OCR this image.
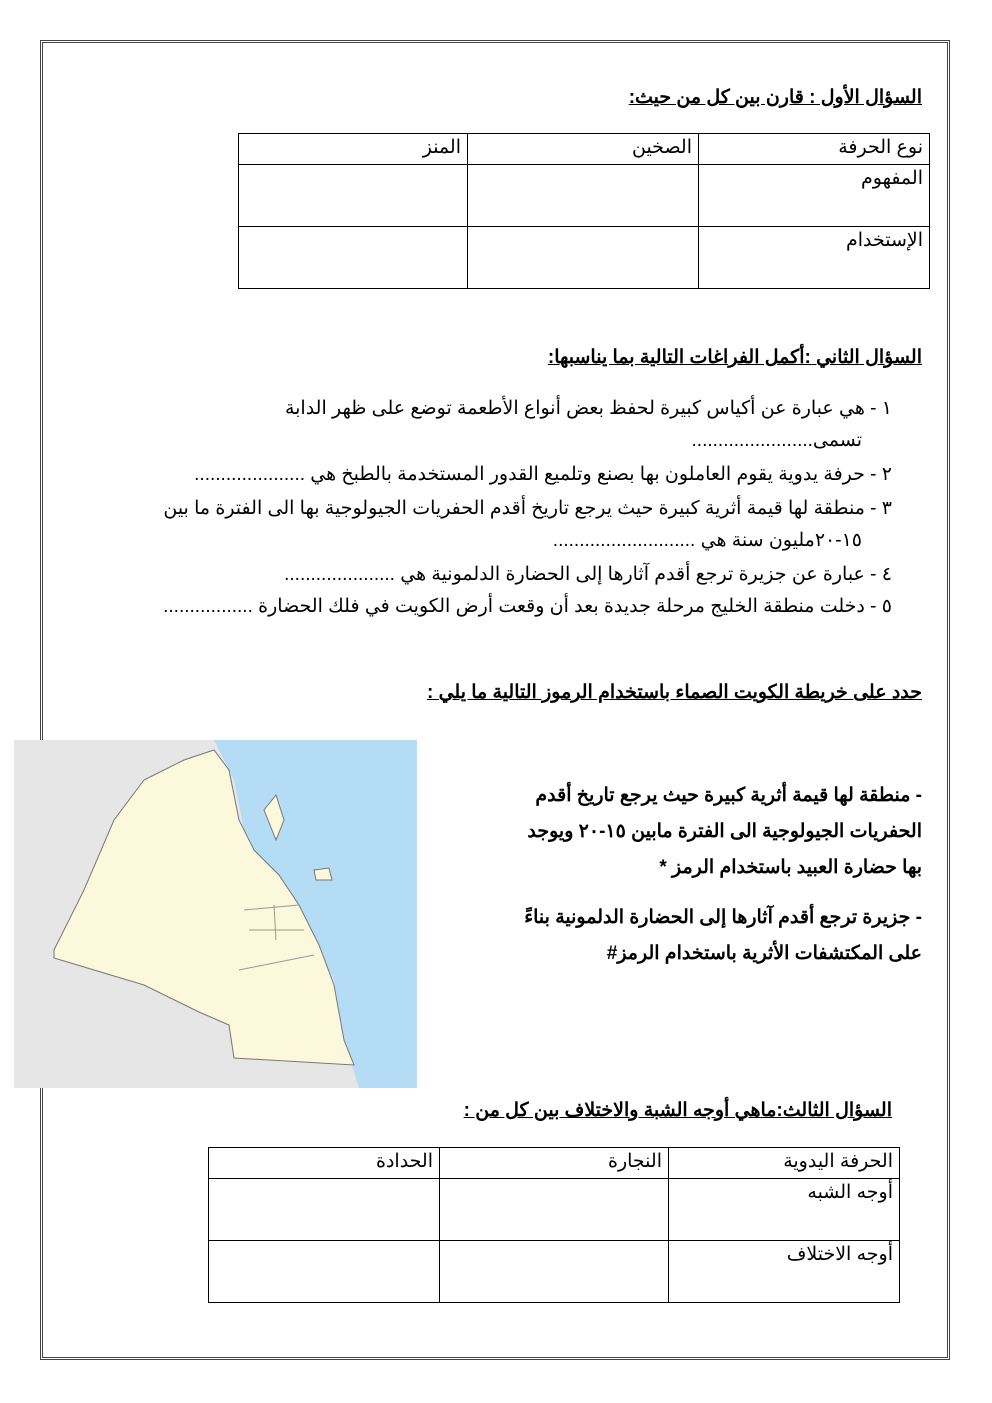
السؤال الأول : قارن بين كل من حيث:
نوع الحرفة	الصخين	المنز
المفهوم		
الإستخدام		
السؤال الثاني :أكمل الفراغات التالية بما يناسبها:
١ - هي عبارة عن أكياس كبيرة لحفظ بعض أنواع الأطعمة توضع على ظهر الدابة
تسمى.......................
٢ - حرفة يدوية يقوم العاملون بها بصنع وتلميع القدور المستخدمة بالطبخ هي .....................
٣ - منطقة لها قيمة أثرية كبيرة حيث يرجع تاريخ أقدم الحفريات الجيولوجية بها الى الفترة ما بين
١٥-٢٠مليون سنة هي ...........................
٤ - عبارة عن جزيرة ترجع أقدم آثارها إلى الحضارة الدلمونية هي .....................
٥ - دخلت منطقة الخليج مرحلة جديدة بعد أن وقعت أرض الكويت في فلك الحضارة .................
حدد على خريطة الكويت الصماء باستخدام الرموز التالية ما يلي :
- منطقة لها قيمة أثرية كبيرة حيث يرجع تاريخ أقدم
الحفريات الجيولوجية الى الفترة مابين ١٥-٢٠ ويوجد
بها حضارة العبيد باستخدام الرمز *
- جزيرة ترجع أقدم آثارها إلى الحضارة الدلمونية بناءً
على المكتشفات الأثرية باستخدام الرمز#
السؤال الثالث:ماهي أوجه الشبة والاختلاف بين كل من :
الحرفة اليدوية	النجارة	الحدادة
أوجه الشبه		
أوجه الاختلاف		
